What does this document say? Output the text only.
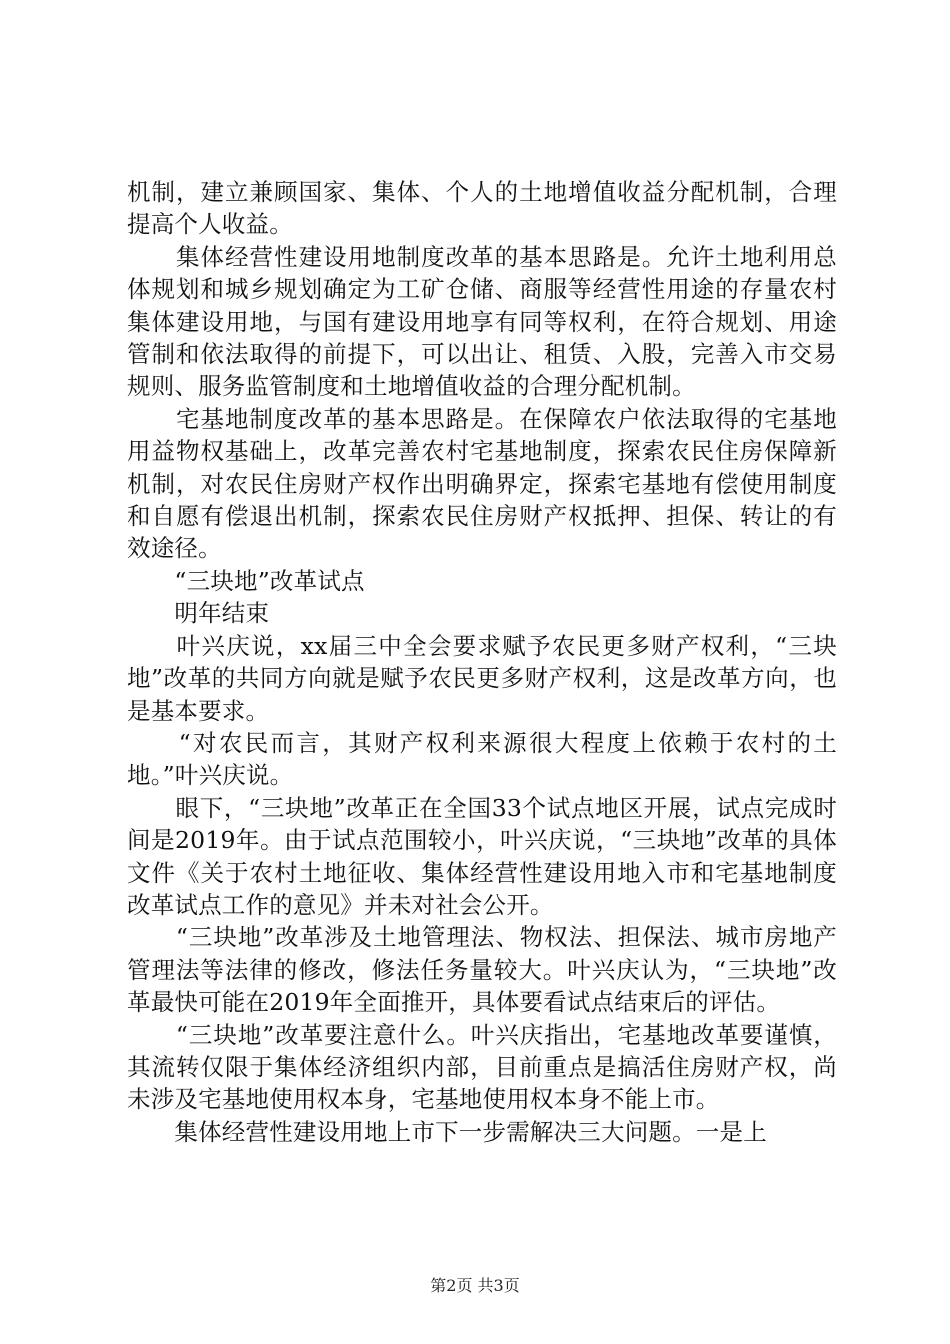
机制，建立兼顾国家、集体、个人的土地增值收益分配机制，合理提高个人收益。

　　集体经营性建设用地制度改革的基本思路是。允许土地利用总体规划和城乡规划确定为工矿仓储、商服等经营性用途的存量农村集体建设用地，与国有建设用地享有同等权利，在符合规划、用途管制和依法取得的前提下，可以出让、租赁、入股，完善入市交易规则、服务监管制度和土地增值收益的合理分配机制。

　　宅基地制度改革的基本思路是。在保障农户依法取得的宅基地用益物权基础上，改革完善农村宅基地制度，探索农民住房保障新机制，对农民住房财产权作出明确界定，探索宅基地有偿使用制度和自愿有偿退出机制，探索农民住房财产权抵押、担保、转让的有效途径。

　　“三块地”改革试点

　　明年结束

　　叶兴庆说，xx届三中全会要求赋予农民更多财产权利，“三块地”改革的共同方向就是赋予农民更多财产权利，这是改革方向，也是基本要求。

　　“对农民而言，其财产权利来源很大程度上依赖于农村的土地。”叶兴庆说。

　　眼下，“三块地”改革正在全国33个试点地区开展，试点完成时间是2019年。由于试点范围较小，叶兴庆说，“三块地”改革的具体文件《关于农村土地征收、集体经营性建设用地入市和宅基地制度改革试点工作的意见》并未对社会公开。

　　“三块地”改革涉及土地管理法、物权法、担保法、城市房地产管理法等法律的修改，修法任务量较大。叶兴庆认为，“三块地”改革最快可能在2019年全面推开，具体要看试点结束后的评估。

　　“三块地”改革要注意什么。叶兴庆指出，宅基地改革要谨慎，其流转仅限于集体经济组织内部，目前重点是搞活住房财产权，尚未涉及宅基地使用权本身，宅基地使用权本身不能上市。

　　集体经营性建设用地上市下一步需解决三大问题。一是上

第2页 共3页
